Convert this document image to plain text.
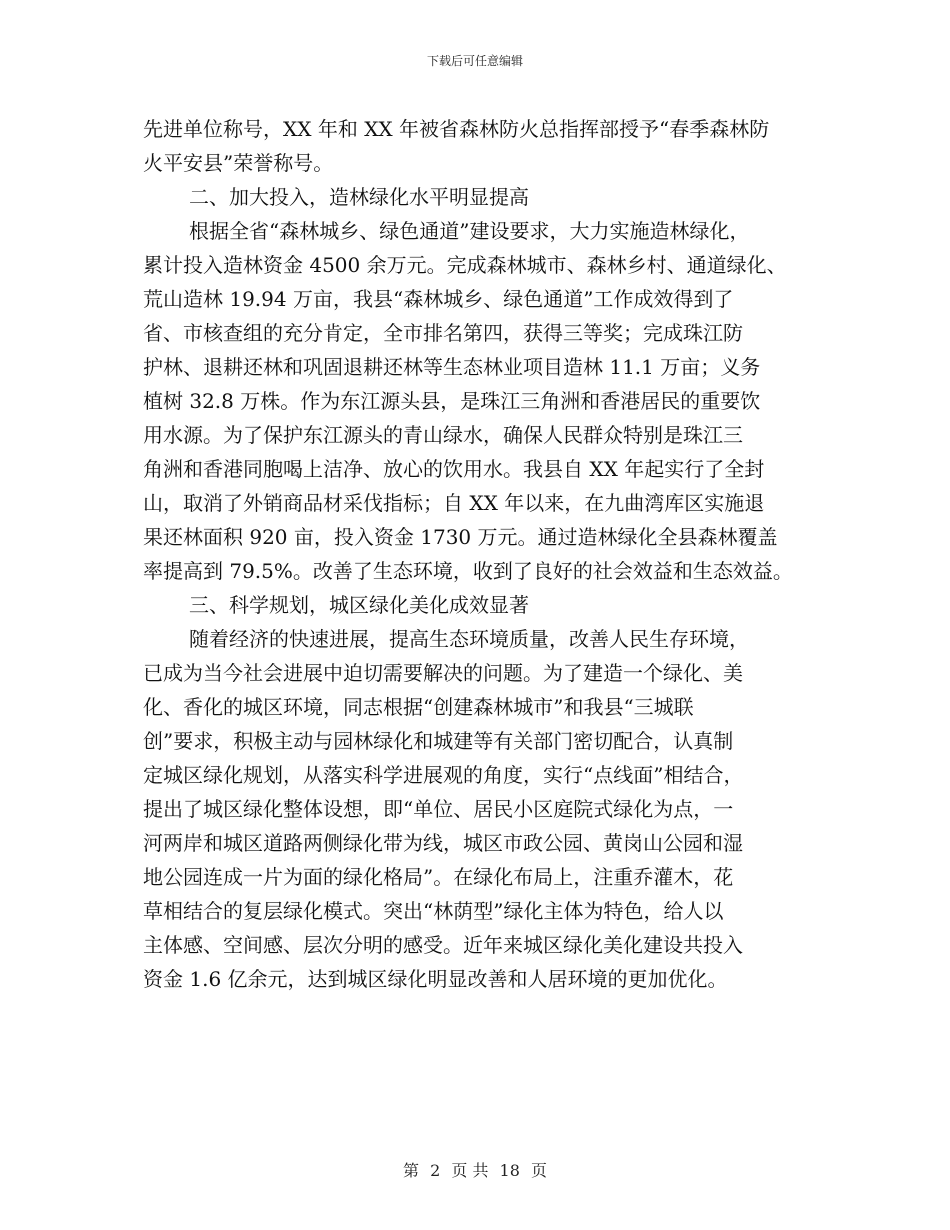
下载后可任意编辑
先进单位称号，XX 年和 XX 年被省森林防火总指挥部授予“春季森林防
火平安县”荣誉称号。
二、加大投入，造林绿化水平明显提高
根据全省“森林城乡、绿色通道”建设要求，大力实施造林绿化，
累计投入造林资金 4500 余万元。完成森林城市、森林乡村、通道绿化、
荒山造林 19.94 万亩，我县“森林城乡、绿色通道”工作成效得到了
省、市核查组的充分肯定，全市排名第四，获得三等奖；完成珠江防
护林、退耕还林和巩固退耕还林等生态林业项目造林 11.1 万亩；义务
植树 32.8 万株。作为东江源头县，是珠江三角洲和香港居民的重要饮
用水源。为了保护东江源头的青山绿水，确保人民群众特别是珠江三
角洲和香港同胞喝上洁净、放心的饮用水。我县自 XX 年起实行了全封
山，取消了外销商品材采伐指标；自 XX 年以来，在九曲湾库区实施退
果还林面积 920 亩，投入资金 1730 万元。通过造林绿化全县森林覆盖
率提高到 79.5%。改善了生态环境，收到了良好的社会效益和生态效益。
三、科学规划，城区绿化美化成效显著
随着经济的快速进展，提高生态环境质量，改善人民生存环境，
已成为当今社会进展中迫切需要解决的问题。为了建造一个绿化、美
化、香化的城区环境，同志根据“创建森林城市”和我县“三城联
创”要求，积极主动与园林绿化和城建等有关部门密切配合，认真制
定城区绿化规划，从落实科学进展观的角度，实行“点线面”相结合，
提出了城区绿化整体设想，即“单位、居民小区庭院式绿化为点，一
河两岸和城区道路两侧绿化带为线，城区市政公园、黄岗山公园和湿
地公园连成一片为面的绿化格局”。在绿化布局上，注重乔灌木，花
草相结合的复层绿化模式。突出“林荫型”绿化主体为特色，给人以
主体感、空间感、层次分明的感受。近年来城区绿化美化建设共投入
资金 1.6 亿余元，达到城区绿化明显改善和人居环境的更加优化。
第 2 页 共 18 页
